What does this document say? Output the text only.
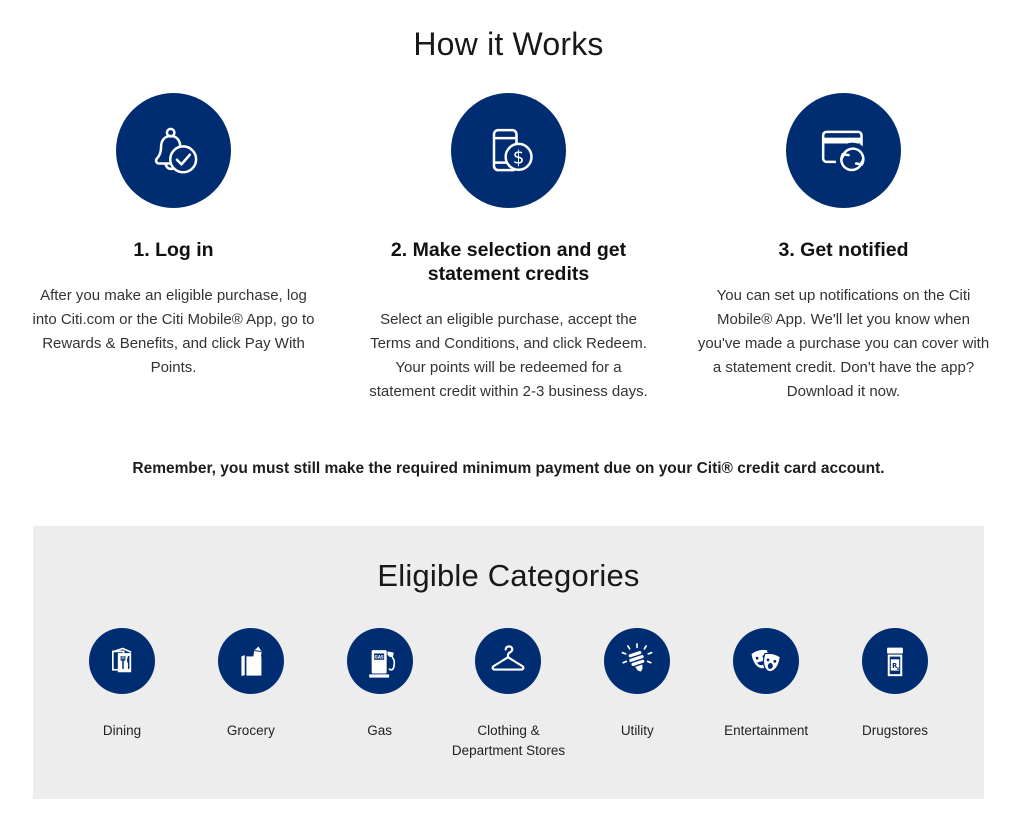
How it Works
1. Log in

After you make an eligible purchase, log into Citi.com or the Citi Mobile® App, go to Rewards & Benefits, and click Pay With Points.

$
2. Make selection and get statement credits

Select an eligible purchase, accept the Terms and Conditions, and click Redeem. Your points will be redeemed for a statement credit within 2-3 business days.

3. Get notified

You can set up notifications on the Citi Mobile® App. We'll let you know when you've made a purchase you can cover with a statement credit. Don't have the app? Download it now.

Remember, you must still make the required minimum payment due on your Citi® credit card account.

Eligible Categories
Dining	Grocery
GAS
Gas	Clothing & Department Stores
Utility	Entertainment
R x
Drugstores
